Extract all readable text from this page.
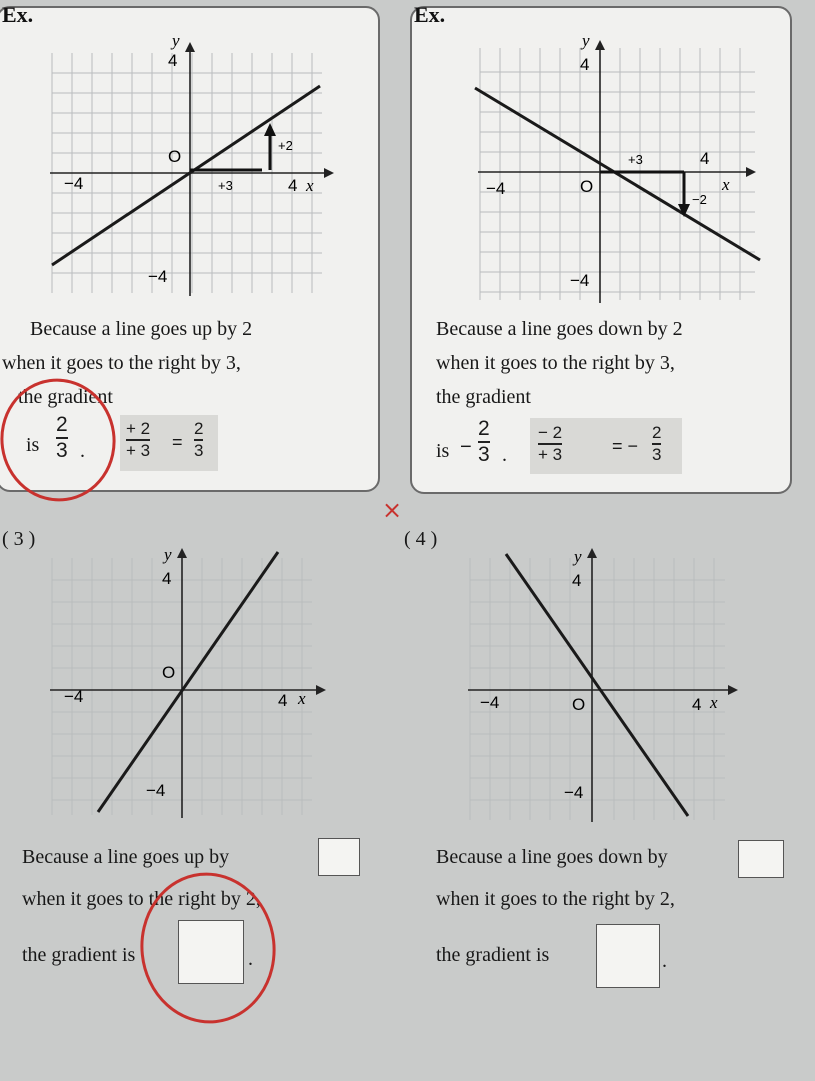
Ex.
y
4
O
−4	4 x
−4
+3
+2
Because a line goes up by 2
when it goes to the right by 3,
the gradient
is
2
3 .
+ 2
+ 3 =
2
3
Ex.
y
4
O
−4
4
x
−4
+3
−2
Because a line goes down by 2
when it goes to the right by 3,
the gradient
is −
2
3 .
− 2
+ 3	= −
2
3
×
( 3 )
y
4
O
−4	4 x
−4
Because a line goes up by
when it goes to the right by 2,
the gradient is	.
( 4 )
y
4
O
−4	4 x
−4
Because a line goes down by
when it goes to the right by 2,
the gradient is	.
